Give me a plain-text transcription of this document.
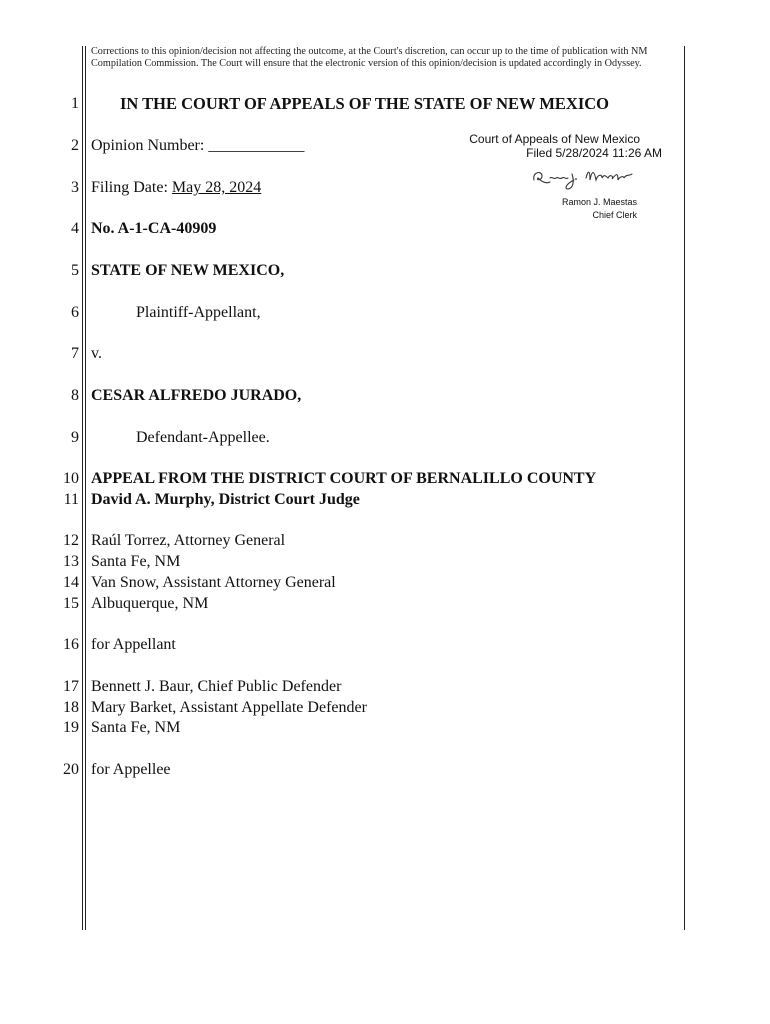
Corrections to this opinion/decision not affecting the outcome, at the Court's discretion, can occur up to the time of publication with NM Compilation Commission. The Court will ensure that the electronic version of this opinion/decision is updated accordingly in Odyssey.
Court of Appeals of New Mexico
Filed 5/28/2024 11:26 AM
Ramon J. Maestas
Chief Clerk
1
2
3
4
5
6
7
8
9
10
11
12
13
14
15
16
17
18
19
20
IN THE COURT OF APPEALS OF THE STATE OF NEW MEXICO
Opinion Number: ____________
Filing Date: May 28, 2024
No. A-1-CA-40909
STATE OF NEW MEXICO,
Plaintiff-Appellant,
v.
CESAR ALFREDO JURADO,
Defendant-Appellee.
APPEAL FROM THE DISTRICT COURT OF BERNALILLO COUNTY
David A. Murphy, District Court Judge
Raúl Torrez, Attorney General
Santa Fe, NM
Van Snow, Assistant Attorney General
Albuquerque, NM
for Appellant
Bennett J. Baur, Chief Public Defender
Mary Barket, Assistant Appellate Defender
Santa Fe, NM
for Appellee
